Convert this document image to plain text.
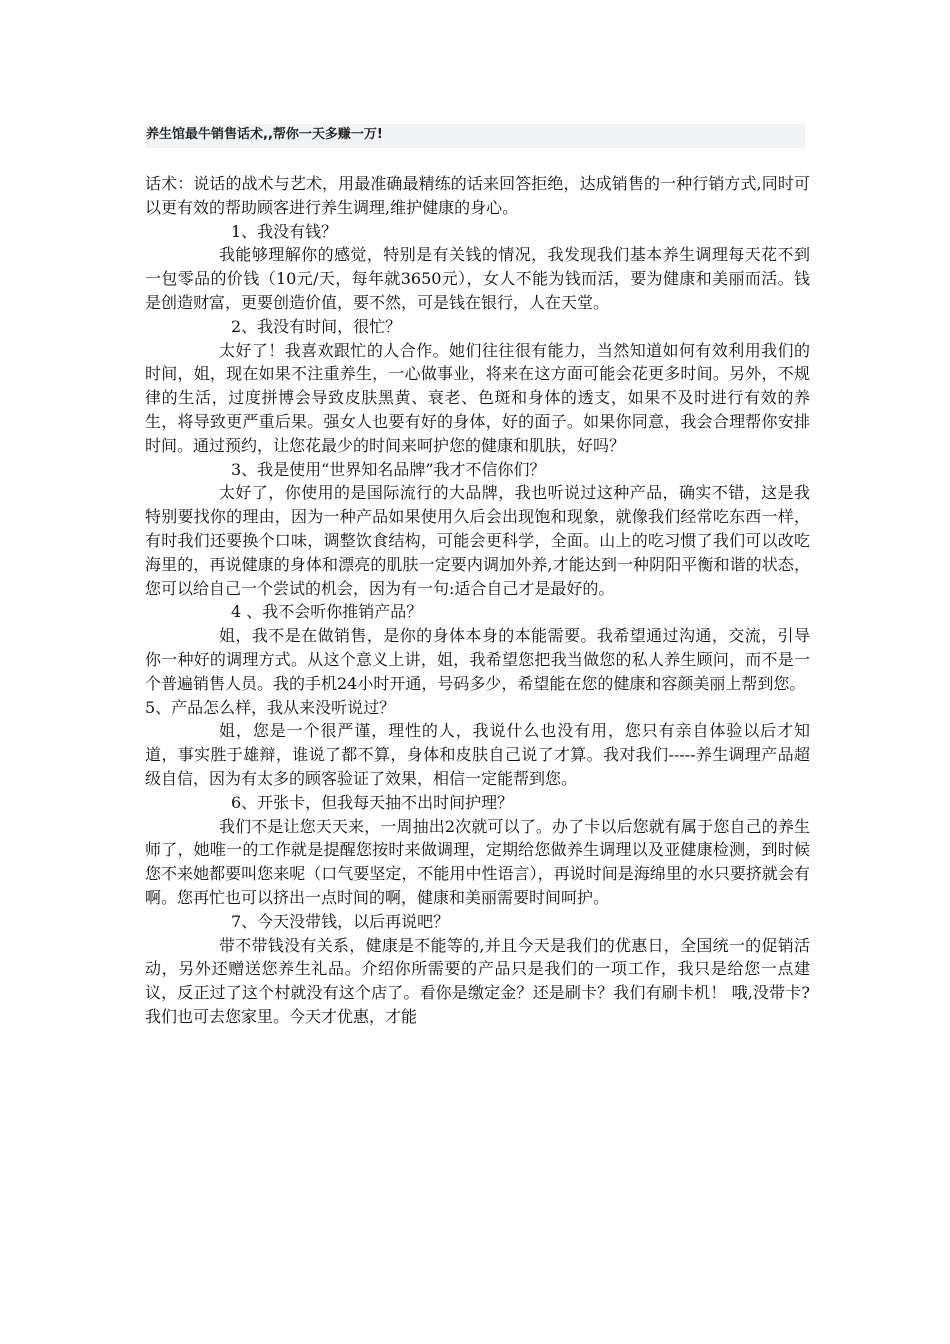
养生馆最牛销售话术,,帮你一天多赚一万!

话术：说话的战术与艺术，用最准确最精练的话来回答拒绝，达成销售的一种行销方式,同时可以更有效的帮助顾客进行养生调理,维护健康的身心。

1、我没有钱？

我能够理解你的感觉，特别是有关钱的情况，我发现我们基本养生调理每天花不到一包零品的价钱（10元/天，每年就3650元），女人不能为钱而活，要为健康和美丽而活。钱是创造财富，更要创造价值，要不然，可是钱在银行，人在天堂。

2、我没有时间，很忙？

太好了！我喜欢跟忙的人合作。她们往往很有能力，当然知道如何有效利用我们的时间，姐，现在如果不注重养生，一心做事业，将来在这方面可能会花更多时间。另外，不规律的生活，过度拼博会导致皮肤黑黄、衰老、色斑和身体的透支，如果不及时进行有效的养生，将导致更严重后果。强女人也要有好的身体，好的面子。如果你同意，我会合理帮你安排时间。通过预约，让您花最少的时间来呵护您的健康和肌肤，好吗？

3、我是使用“世界知名品牌”我才不信你们？

太好了，你使用的是国际流行的大品牌，我也听说过这种产品，确实不错，这是我特别要找你的理由，因为一种产品如果使用久后会出现饱和现象，就像我们经常吃东西一样，有时我们还要换个口味，调整饮食结构，可能会更科学，全面。山上的吃习惯了我们可以改吃海里的，再说健康的身体和漂亮的肌肤一定要内调加外养,才能达到一种阴阳平衡和谐的状态，您可以给自己一个尝试的机会，因为有一句:适合自己才是最好的。

4 、我不会听你推销产品？

姐，我不是在做销售，是你的身体本身的本能需要。我希望通过沟通，交流，引导你一种好的调理方式。从这个意义上讲，姐，我希望您把我当做您的私人养生顾问，而不是一个普遍销售人员。我的手机24小时开通，号码多少，希望能在您的健康和容颜美丽上帮到您。

5、产品怎么样，我从来没听说过？

姐，您是一个很严谨，理性的人，我说什么也没有用，您只有亲自体验以后才知道，事实胜于雄辩，谁说了都不算，身体和皮肤自己说了才算。我对我们-----养生调理产品超级自信，因为有太多的顾客验证了效果，相信一定能帮到您。

6、开张卡，但我每天抽不出时间护理？

我们不是让您天天来，一周抽出2次就可以了。办了卡以后您就有属于您自己的养生师了，她唯一的工作就是提醒您按时来做调理，定期给您做养生调理以及亚健康检测，到时候您不来她都要叫您来呢（口气要坚定，不能用中性语言），再说时间是海绵里的水只要挤就会有啊。您再忙也可以挤出一点时间的啊，健康和美丽需要时间呵护。

7、今天没带钱，以后再说吧？

带不带钱没有关系，健康是不能等的,并且今天是我们的优惠日，全国统一的促销活动，另外还赠送您养生礼品。介绍你所需要的产品只是我们的一项工作，我只是给您一点建议，反正过了这个村就没有这个店了。看你是缴定金？还是刷卡？我们有刷卡机！ 哦,没带卡?我们也可去您家里。今天才优惠，才能
